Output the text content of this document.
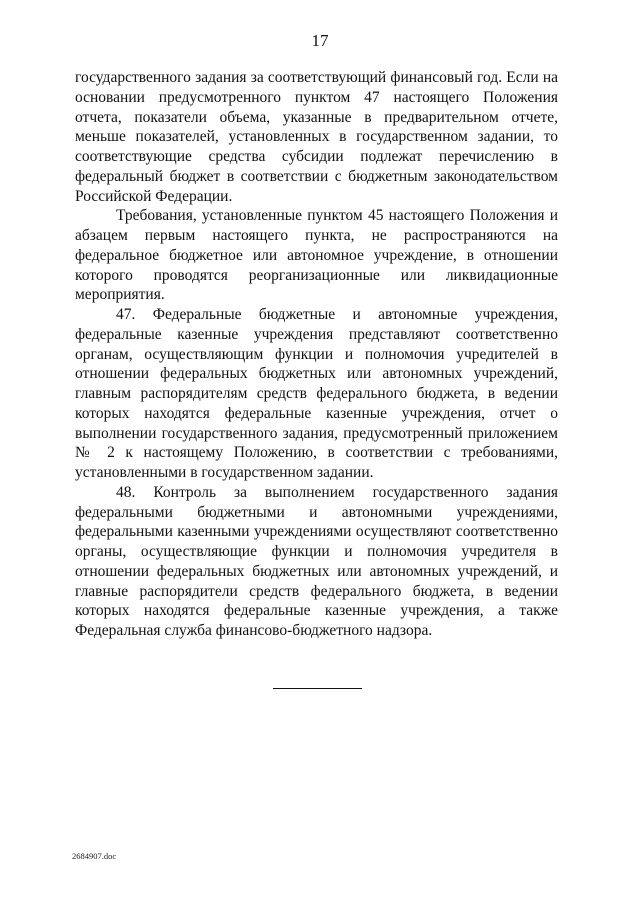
17

государственного задания за соответствующий финансовый год. Если на основании предусмотренного пунктом 47 настоящего Положения отчета, показатели объема, указанные в предварительном отчете, меньше показателей, установленных в государственном задании, то соответствующие средства субсидии подлежат перечислению в федеральный бюджет в соответствии с бюджетным законодательством Российской Федерации.

Требования, установленные пунктом 45 настоящего Положения и абзацем первым настоящего пункта, не распространяются на федеральное бюджетное или автономное учреждение, в отношении которого проводятся реорганизационные или ликвидационные мероприятия.

47. Федеральные бюджетные и автономные учреждения, федеральные казенные учреждения представляют соответственно органам, осуществляющим функции и полномочия учредителей в отношении федеральных бюджетных или автономных учреждений, главным распорядителям средств федерального бюджета, в ведении которых находятся федеральные казенные учреждения, отчет о выполнении государственного задания, предусмотренный приложением № 2 к настоящему Положению, в соответствии с требованиями, установленными в государственном задании.

48. Контроль за выполнением государственного задания федеральными бюджетными и автономными учреждениями, федеральными казенными учреждениями осуществляют соответственно органы, осуществляющие функции и полномочия учредителя в отношении федеральных бюджетных или автономных учреждений, и главные распорядители средств федерального бюджета, в ведении которых находятся федеральные казенные учреждения, а также Федеральная служба финансово-бюджетного надзора.

2684907.doc
